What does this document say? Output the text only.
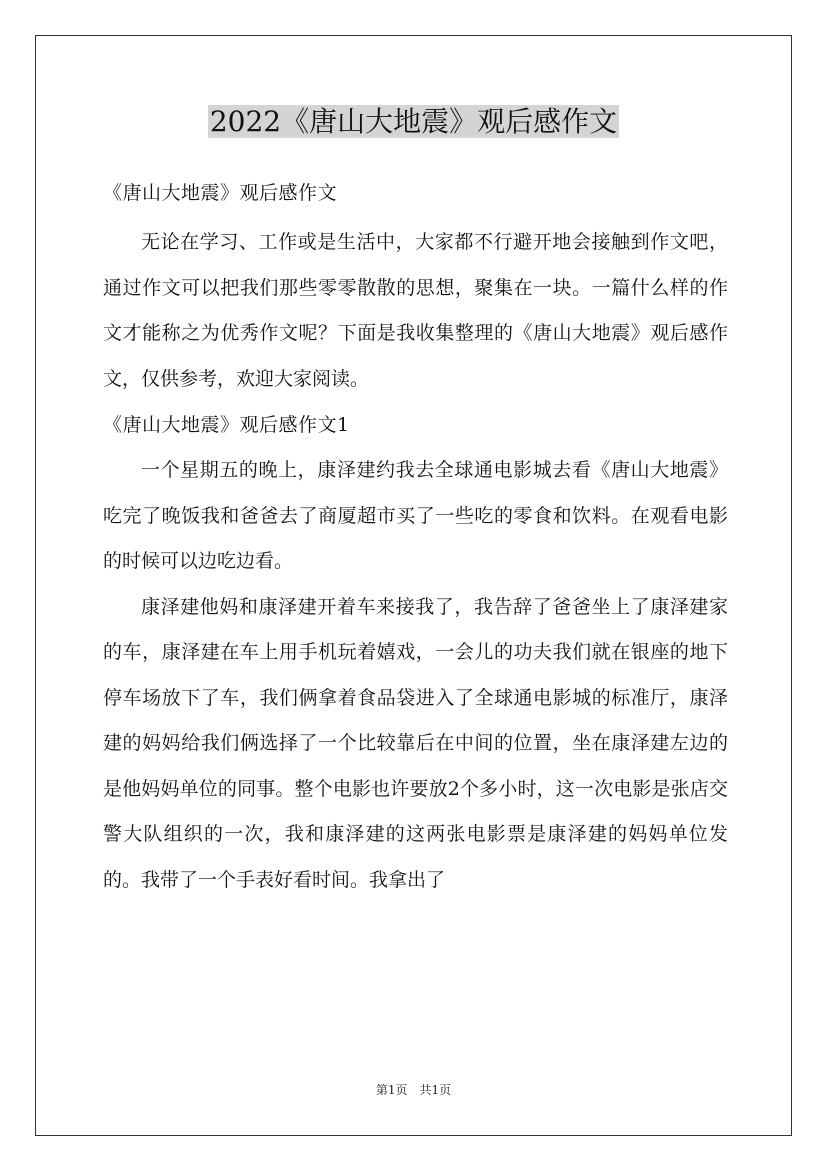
2022《唐山大地震》观后感作文

《唐山大地震》观后感作文

无论在学习、工作或是生活中，大家都不行避开地会接触到作文吧，通过作文可以把我们那些零零散散的思想，聚集在一块。一篇什么样的作文才能称之为优秀作文呢？下面是我收集整理的《唐山大地震》观后感作文，仅供参考，欢迎大家阅读。

《唐山大地震》观后感作文1

一个星期五的晚上，康泽建约我去全球通电影城去看《唐山大地震》吃完了晚饭我和爸爸去了商厦超市买了一些吃的零食和饮料。在观看电影的时候可以边吃边看。

康泽建他妈和康泽建开着车来接我了，我告辞了爸爸坐上了康泽建家的车，康泽建在车上用手机玩着嬉戏，一会儿的功夫我们就在银座的地下停车场放下了车，我们俩拿着食品袋进入了全球通电影城的标准厅，康泽建的妈妈给我们俩选择了一个比较靠后在中间的位置，坐在康泽建左边的是他妈妈单位的同事。整个电影也许要放2个多小时，这一次电影是张店交警大队组织的一次，我和康泽建的这两张电影票是康泽建的妈妈单位发的。我带了一个手表好看时间。我拿出了

第1页　共1页
